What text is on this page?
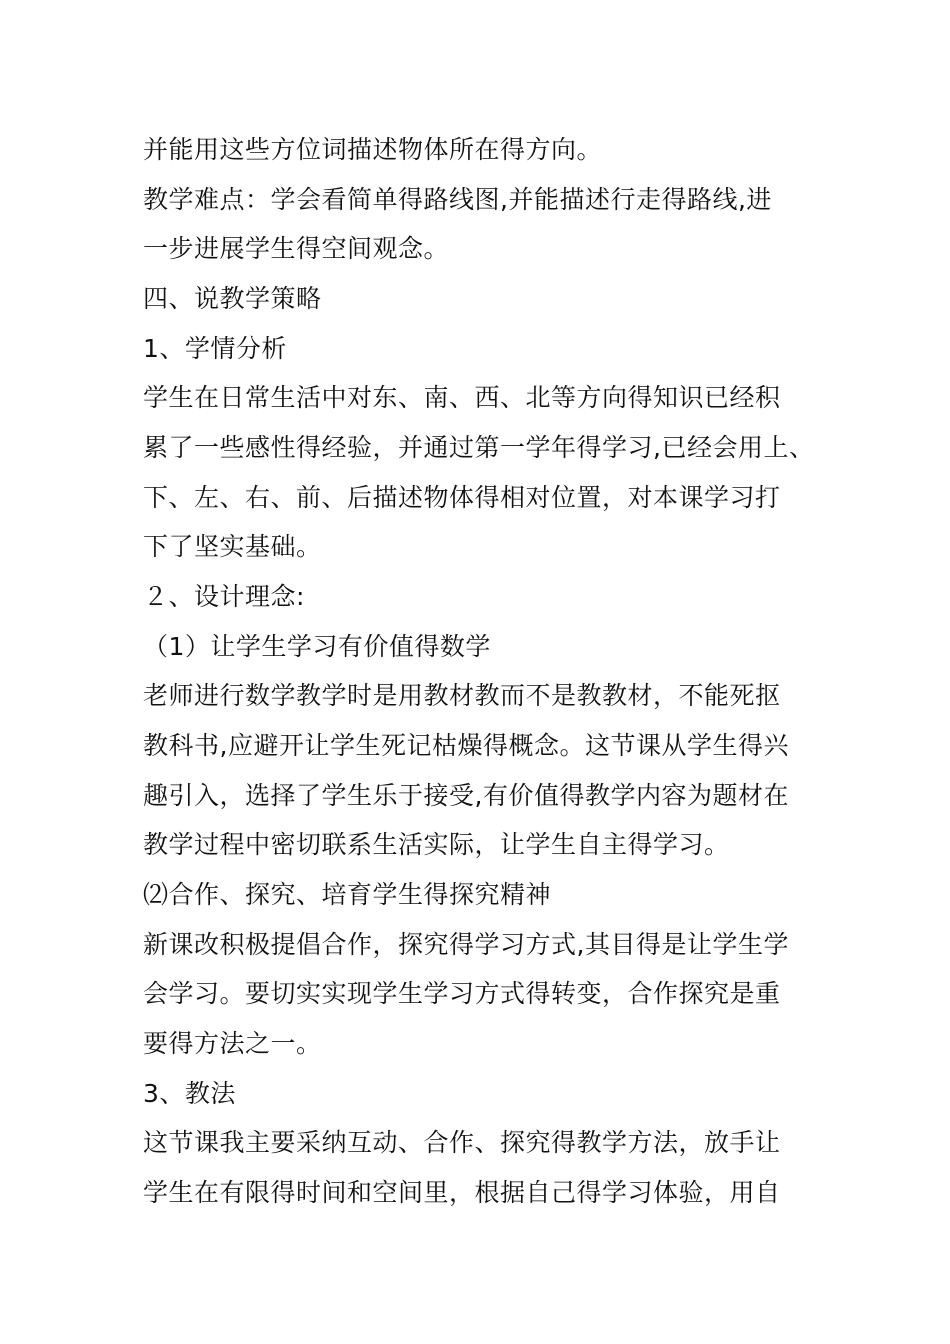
并能用这些方位词描述物体所在得方向。
教学难点：学会看简单得路线图,并能描述行走得路线,进
一步进展学生得空间观念。
四、说教学策略
1、学情分析
学生在日常生活中对东、南、西、北等方向得知识已经积
累了一些感性得经验，并通过第一学年得学习,已经会用上、
下、左、右、前、后描述物体得相对位置，对本课学习打
下了坚实基础。
２、设计理念:
（1）让学生学习有价值得数学
老师进行数学教学时是用教材教而不是教教材，不能死抠
教科书,应避开让学生死记枯燥得概念。这节课从学生得兴
趣引入，选择了学生乐于接受,有价值得教学内容为题材在
教学过程中密切联系生活实际，让学生自主得学习。
⑵合作、探究、培育学生得探究精神
新课改积极提倡合作，探究得学习方式,其目得是让学生学
会学习。要切实实现学生学习方式得转变，合作探究是重
要得方法之一。
3、教法
这节课我主要采纳互动、合作、探究得教学方法，放手让
学生在有限得时间和空间里，根据自己得学习体验，用自
